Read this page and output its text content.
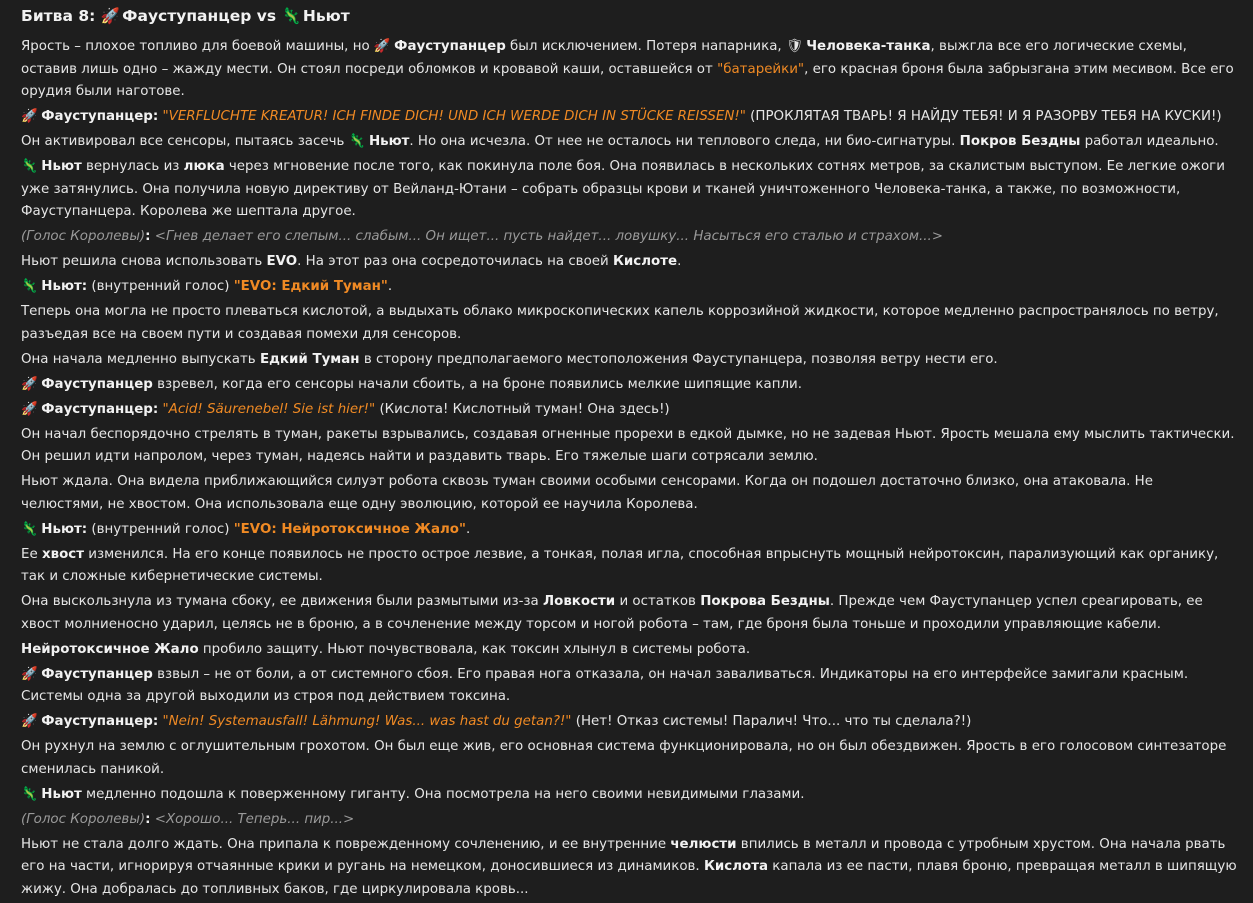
Битва 8: 🚀 Фауступанцер vs 🦎 Ньют

Ярость – плохое топливо для боевой машины, но 🚀 Фауступанцер был исключением. Потеря напарника, 🛡 Человека-танка, выжгла все его логические схемы, оставив лишь одно – жажду мести. Он стоял посреди обломков и кровавой каши, оставшейся от "батарейки", его красная броня была забрызгана этим месивом. Все его орудия были наготове.

🚀 Фауступанцер: "VERFLUCHTE KREATUR! ICH FINDE DICH! UND ICH WERDE DICH IN STÜCKE REISSEN!" (ПРОКЛЯТАЯ ТВАРЬ! Я НАЙДУ ТЕБЯ! И Я РАЗОРВУ ТЕБЯ НА КУСКИ!)

Он активировал все сенсоры, пытаясь засечь 🦎 Ньют. Но она исчезла. От нее не осталось ни теплового следа, ни био-сигнатуры. Покров Бездны работал идеально.

🦎 Ньют вернулась из люка через мгновение после того, как покинула поле боя. Она появилась в нескольких сотнях метров, за скалистым выступом. Ее легкие ожоги уже затянулись. Она получила новую директиву от Вейланд-Ютани – собрать образцы крови и тканей уничтоженного Человека-танка, а также, по возможности, Фауступанцера. Королева же шептала другое.

(Голос Королевы): <Гнев делает его слепым... слабым... Он ищет... пусть найдет... ловушку... Насыться его сталью и страхом...>

Ньют решила снова использовать EVO. На этот раз она сосредоточилась на своей Кислоте.

🦎 Ньют: (внутренний голос) "EVO: Едкий Туман".

Теперь она могла не просто плеваться кислотой, а выдыхать облако микроскопических капель коррозийной жидкости, которое медленно распространялось по ветру, разъедая все на своем пути и создавая помехи для сенсоров.

Она начала медленно выпускать Едкий Туман в сторону предполагаемого местоположения Фауступанцера, позволяя ветру нести его.

🚀 Фауступанцер взревел, когда его сенсоры начали сбоить, а на броне появились мелкие шипящие капли.

🚀 Фауступанцер: "Acid! Säurenebel! Sie ist hier!" (Кислота! Кислотный туман! Она здесь!)

Он начал беспорядочно стрелять в туман, ракеты взрывались, создавая огненные прорехи в едкой дымке, но не задевая Ньют. Ярость мешала ему мыслить тактически. Он решил идти напролом, через туман, надеясь найти и раздавить тварь. Его тяжелые шаги сотрясали землю.

Ньют ждала. Она видела приближающийся силуэт робота сквозь туман своими особыми сенсорами. Когда он подошел достаточно близко, она атаковала. Не челюстями, не хвостом. Она использовала еще одну эволюцию, которой ее научила Королева.

🦎 Ньют: (внутренний голос) "EVO: Нейротоксичное Жало".

Ее хвост изменился. На его конце появилось не просто острое лезвие, а тонкая, полая игла, способная впрыснуть мощный нейротоксин, парализующий как органику, так и сложные кибернетические системы.

Она выскользнула из тумана сбоку, ее движения были размытыми из-за Ловкости и остатков Покрова Бездны. Прежде чем Фауступанцер успел среагировать, ее хвост молниеносно ударил, целясь не в броню, а в сочленение между торсом и ногой робота – там, где броня была тоньше и проходили управляющие кабели.

Нейротоксичное Жало пробило защиту. Ньют почувствовала, как токсин хлынул в системы робота.

🚀 Фауступанцер взвыл – не от боли, а от системного сбоя. Его правая нога отказала, он начал заваливаться. Индикаторы на его интерфейсе замигали красным. Системы одна за другой выходили из строя под действием токсина.

🚀 Фауступанцер: "Nein! Systemausfall! Lähmung! Was... was hast du getan?!" (Нет! Отказ системы! Паралич! Что... что ты сделала?!)

Он рухнул на землю с оглушительным грохотом. Он был еще жив, его основная система функционировала, но он был обездвижен. Ярость в его голосовом синтезаторе сменилась паникой.

🦎 Ньют медленно подошла к поверженному гиганту. Она посмотрела на него своими невидимыми глазами.

(Голос Королевы): <Хорошо... Теперь... пир...>

Ньют не стала долго ждать. Она припала к поврежденному сочленению, и ее внутренние челюсти впились в металл и провода с утробным хрустом. Она начала рвать его на части, игнорируя отчаянные крики и ругань на немецком, доносившиеся из динамиков. Кислота капала из ее пасти, плавя броню, превращая металл в шипящую жижу. Она добралась до топливных баков, где циркулировала кровь...
